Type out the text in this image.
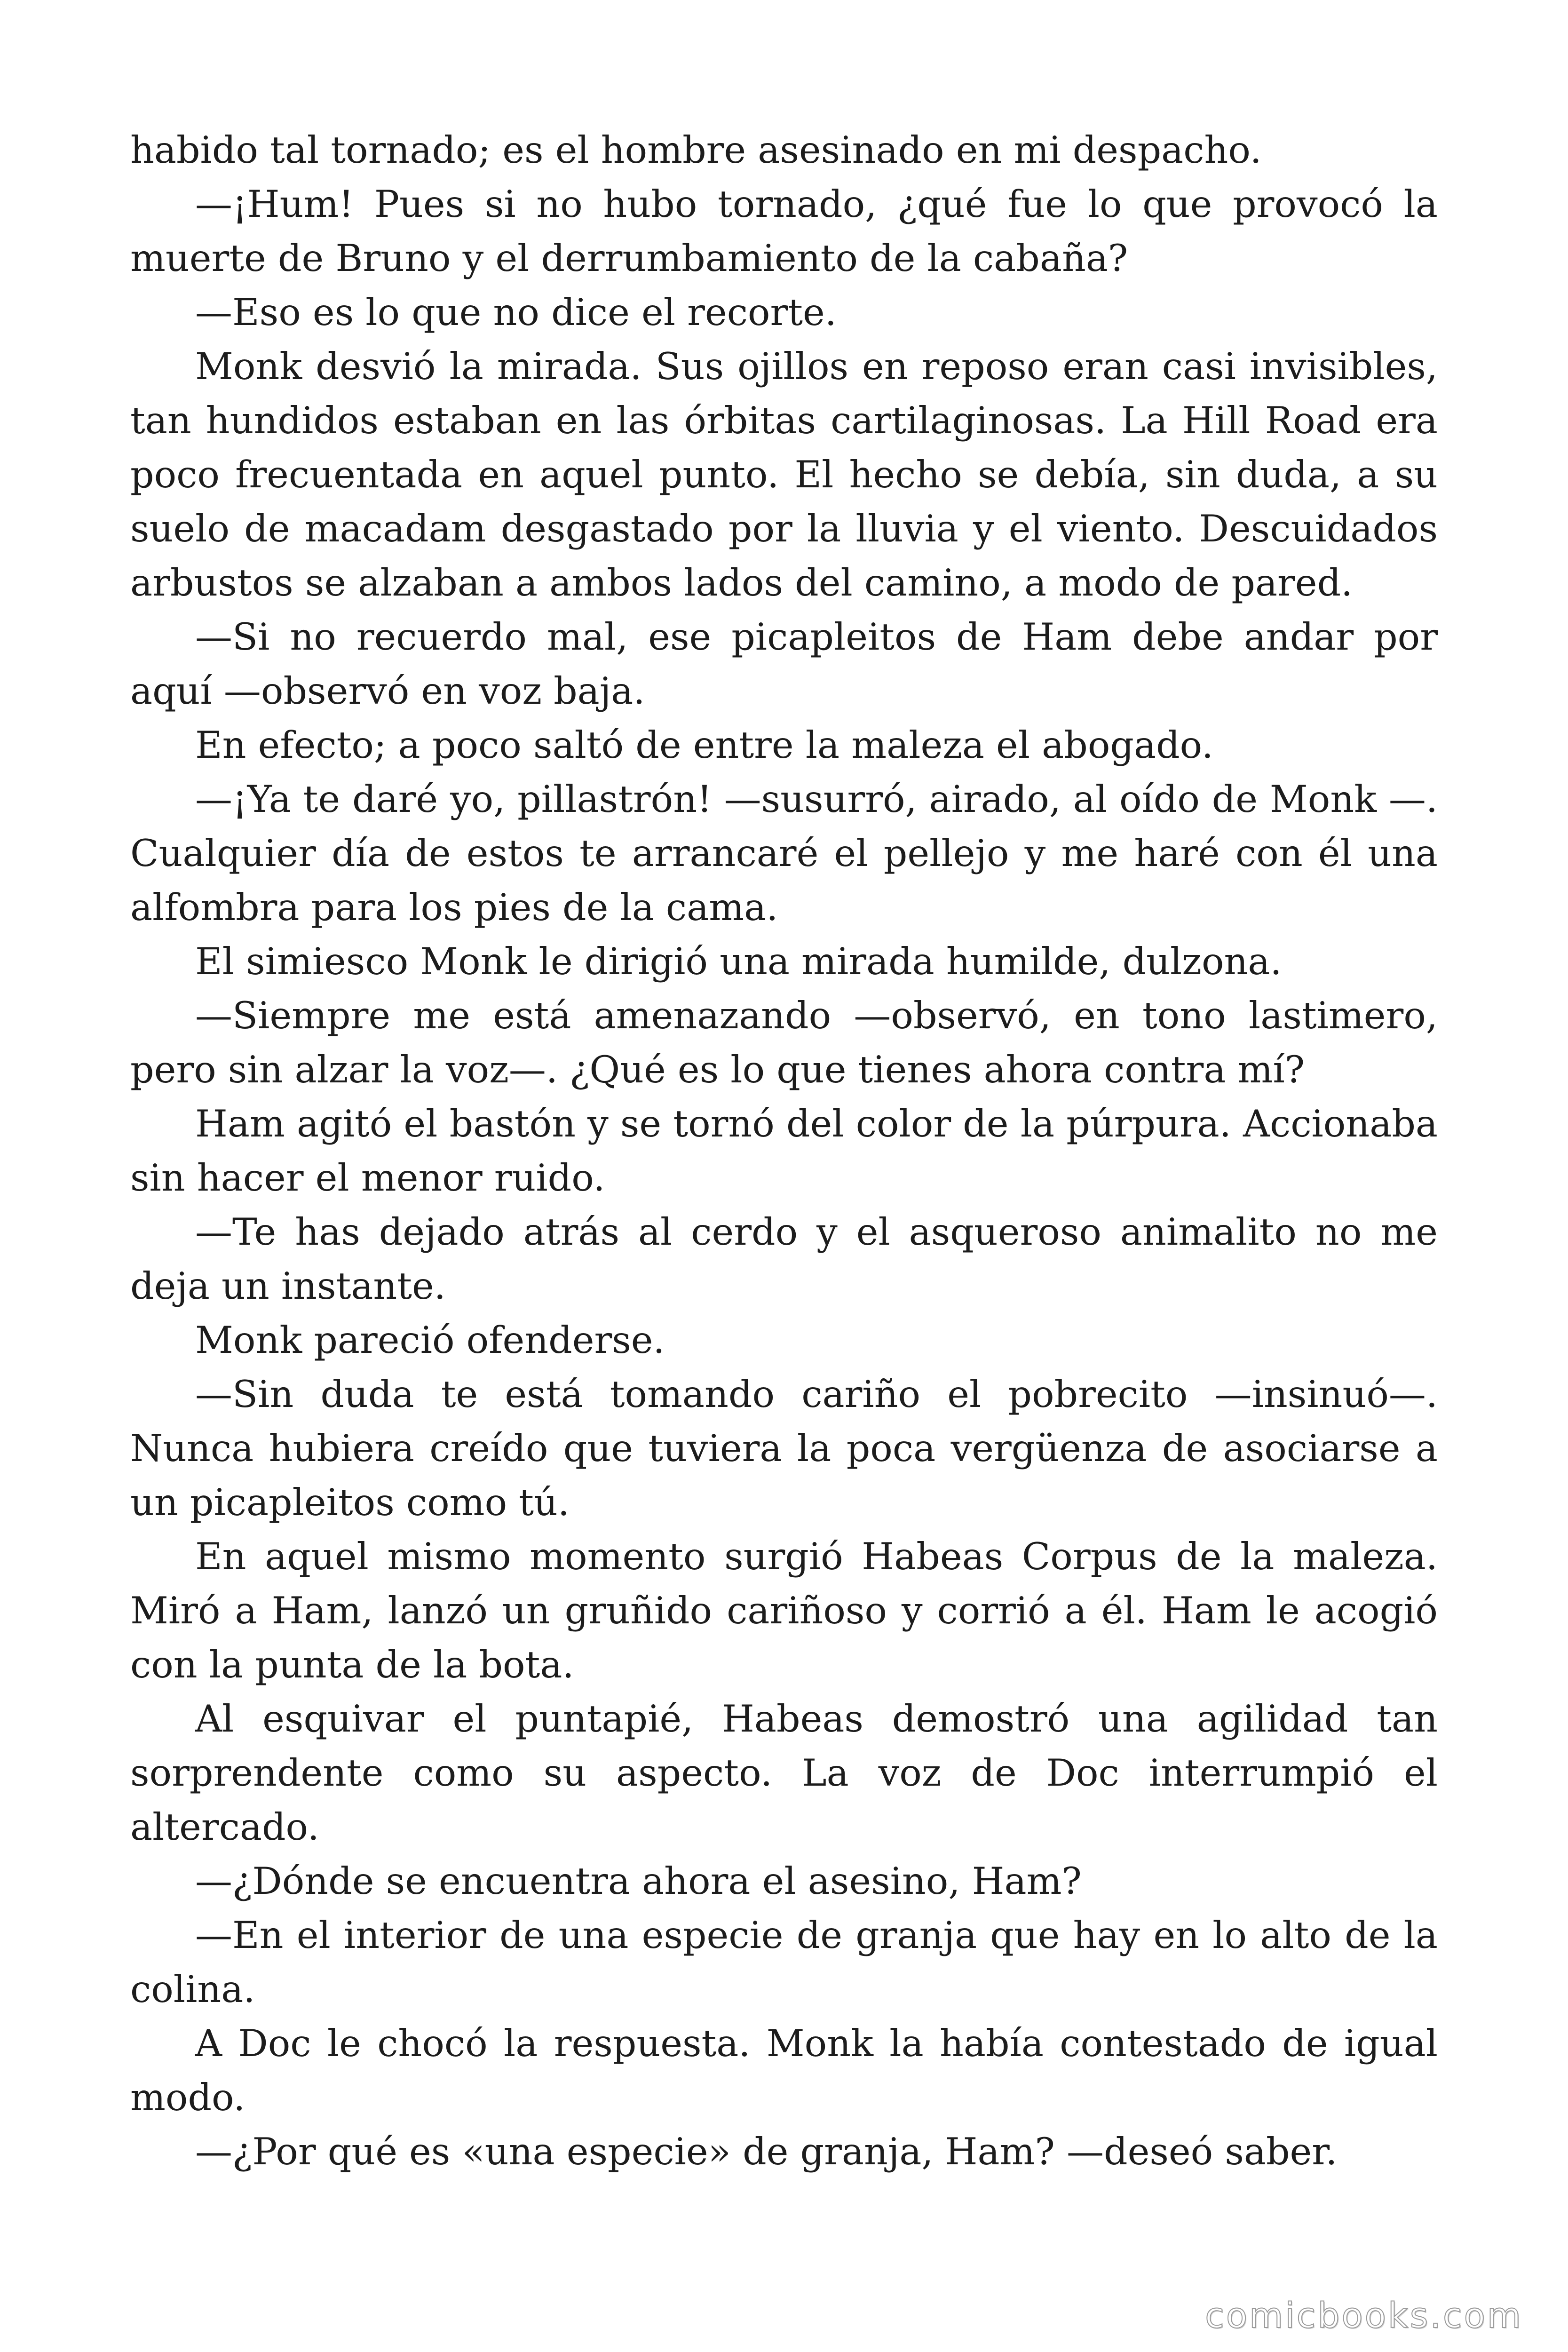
habido tal tornado; es el hombre asesinado en mi despacho.

—¡Hum! Pues si no hubo tornado, ¿qué fue lo que provocó la muerte de Bruno y el derrumbamiento de la cabaña?

—Eso es lo que no dice el recorte.

Monk desvió la mirada. Sus ojillos en reposo eran casi invisibles, tan hundidos estaban en las órbitas cartilaginosas. La Hill Road era poco frecuentada en aquel punto. El hecho se debía, sin duda, a su suelo de macadam desgastado por la lluvia y el viento. Descuidados arbustos se alzaban a ambos lados del camino, a modo de pared.

—Si no recuerdo mal, ese picapleitos de Ham debe andar por aquí —observó en voz baja.

En efecto; a poco saltó de entre la maleza el abogado.

—¡Ya te daré yo, pillastrón! —susurró, airado, al oído de Monk —. Cualquier día de estos te arrancaré el pellejo y me haré con él una alfombra para los pies de la cama.

El simiesco Monk le dirigió una mirada humilde, dulzona.

—Siempre me está amenazando —observó, en tono lastimero, pero sin alzar la voz—. ¿Qué es lo que tienes ahora contra mí?

Ham agitó el bastón y se tornó del color de la púrpura. Accionaba sin hacer el menor ruido.

—Te has dejado atrás al cerdo y el asqueroso animalito no me deja un instante.

Monk pareció ofenderse.

—Sin duda te está tomando cariño el pobrecito —insinuó—. Nunca hubiera creído que tuviera la poca vergüenza de asociarse a un picapleitos como tú.

En aquel mismo momento surgió Habeas Corpus de la maleza. Miró a Ham, lanzó un gruñido cariñoso y corrió a él. Ham le acogió con la punta de la bota.

Al esquivar el puntapié, Habeas demostró una agilidad tan sorprendente como su aspecto. La voz de Doc interrumpió el altercado.

—¿Dónde se encuentra ahora el asesino, Ham?

—En el interior de una especie de granja que hay en lo alto de la colina.

A Doc le chocó la respuesta. Monk la había contestado de igual modo.

—¿Por qué es «una especie» de granja, Ham? —deseó saber.

comicbooks.com
